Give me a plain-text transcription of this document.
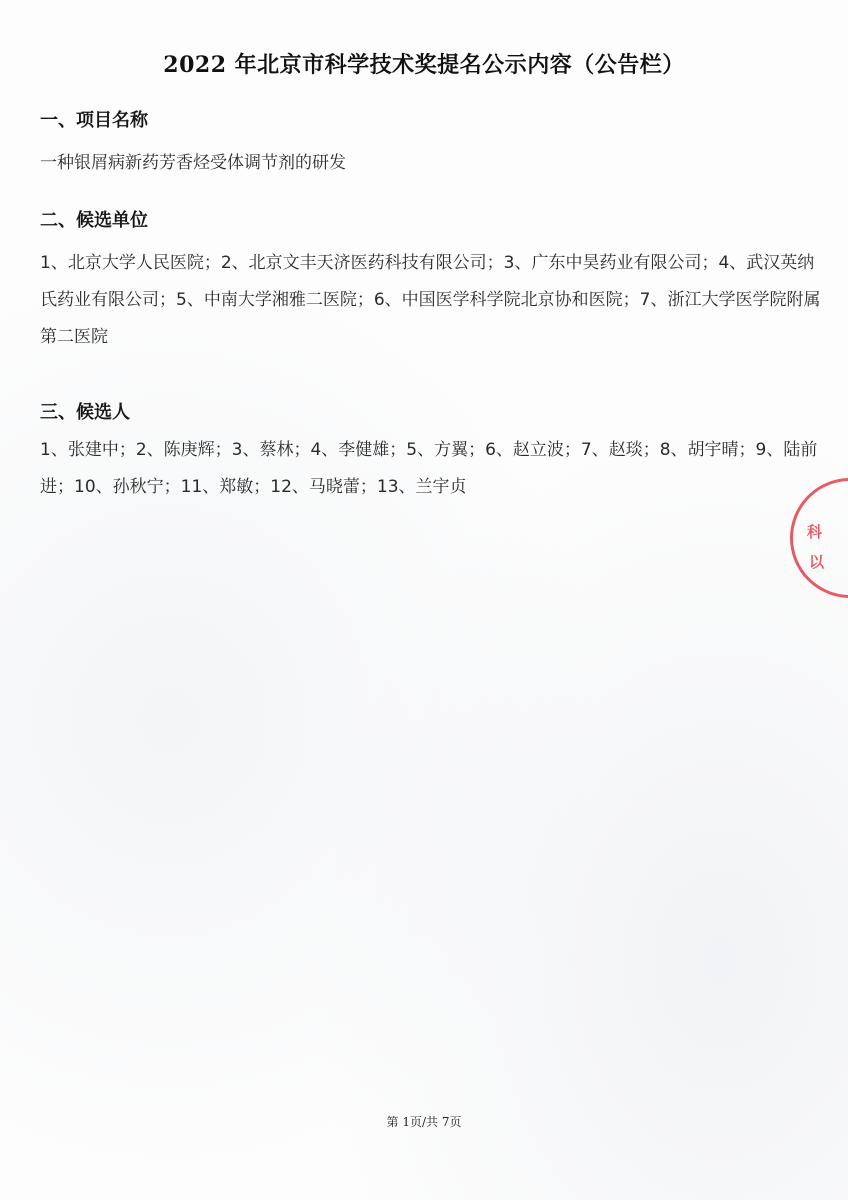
2022 年北京市科学技术奖提名公示内容（公告栏）
一、项目名称
一种银屑病新药芳香烃受体调节剂的研发
二、候选单位
1、北京大学人民医院；2、北京文丰天济医药科技有限公司；3、广东中昊药业有限公司；4、武汉英纳氏药业有限公司；5、中南大学湘雅二医院；6、中国医学科学院北京协和医院；7、浙江大学医学院附属第二医院
三、候选人
1、张建中；2、陈庚辉；3、蔡林；4、李健雄；5、方翼；6、赵立波；7、赵琰；8、胡宇晴；9、陆前进；10、孙秋宁；11、郑敏；12、马晓蕾；13、兰宇贞
科
以
第 1页/共 7页
